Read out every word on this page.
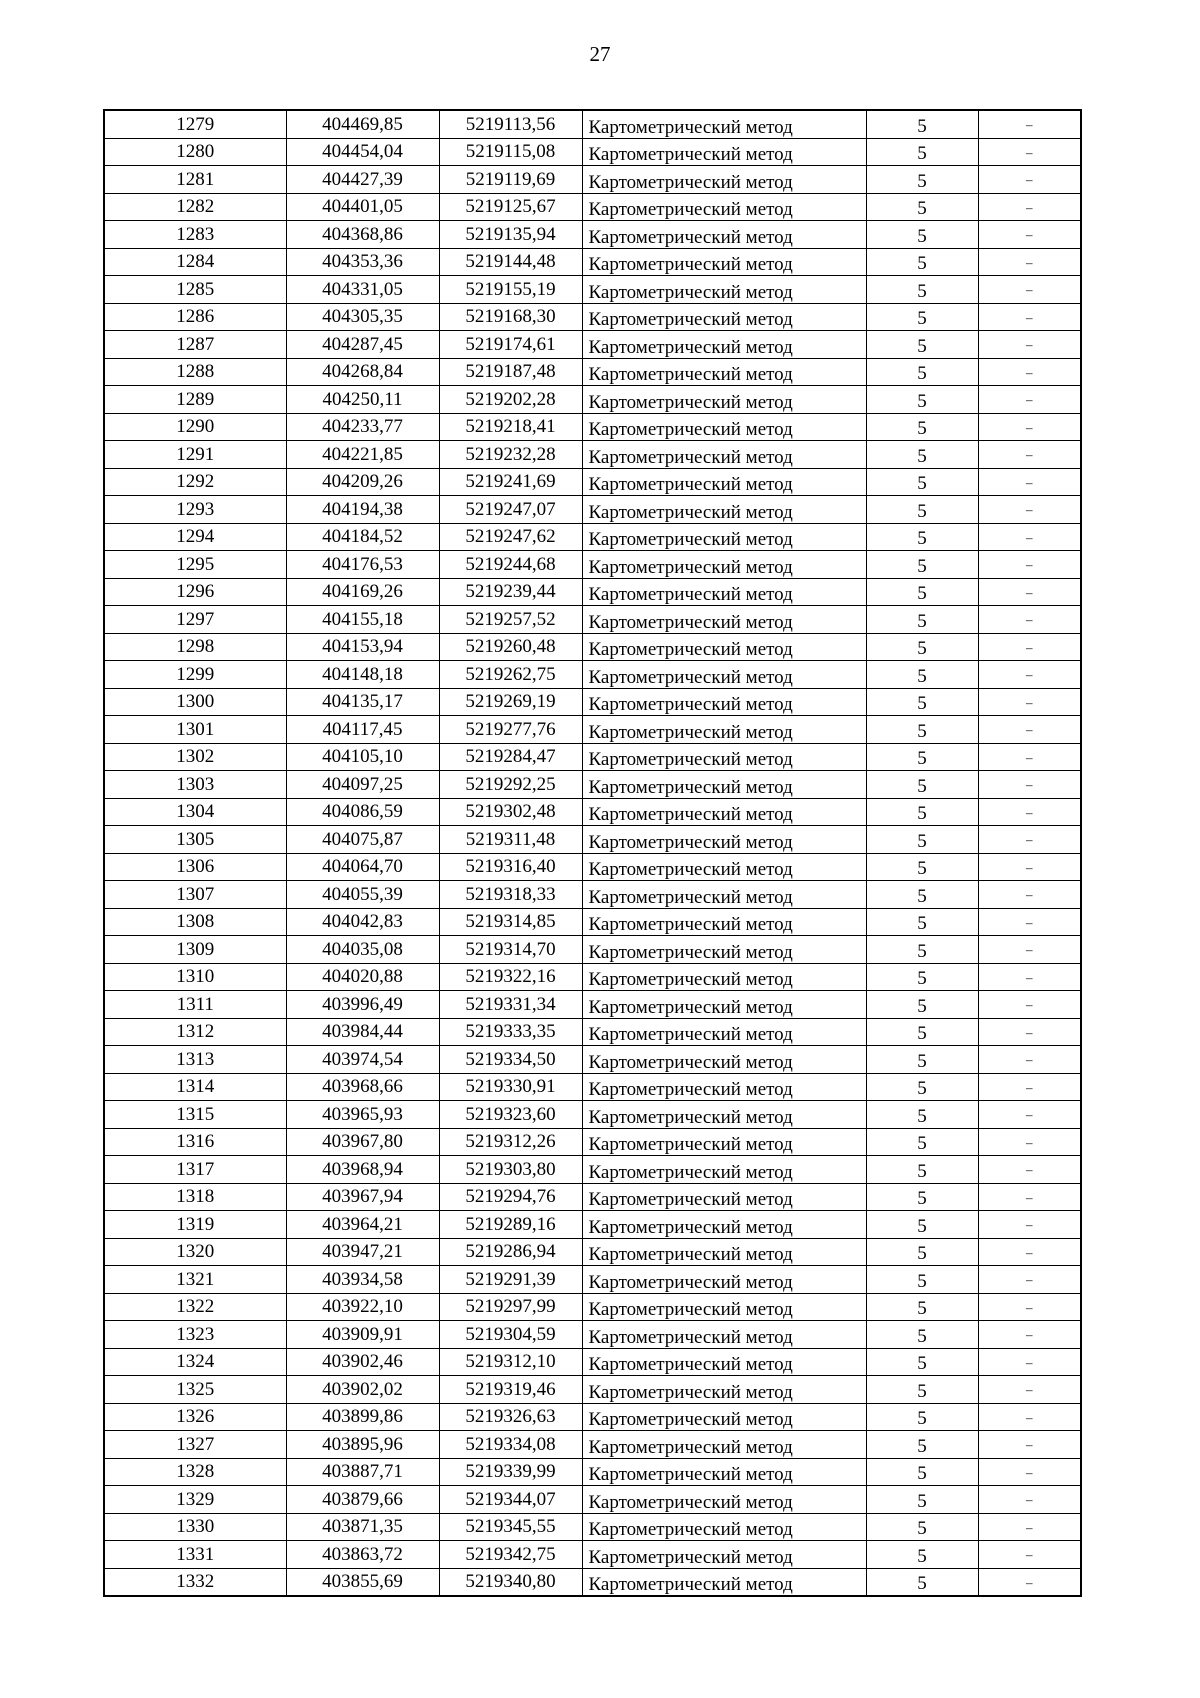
27
1279	404469,85	5219113,56	Картометрический метод	5	–
1280	404454,04	5219115,08	Картометрический метод	5	–
1281	404427,39	5219119,69	Картометрический метод	5	–
1282	404401,05	5219125,67	Картометрический метод	5	–
1283	404368,86	5219135,94	Картометрический метод	5	–
1284	404353,36	5219144,48	Картометрический метод	5	–
1285	404331,05	5219155,19	Картометрический метод	5	–
1286	404305,35	5219168,30	Картометрический метод	5	–
1287	404287,45	5219174,61	Картометрический метод	5	–
1288	404268,84	5219187,48	Картометрический метод	5	–
1289	404250,11	5219202,28	Картометрический метод	5	–
1290	404233,77	5219218,41	Картометрический метод	5	–
1291	404221,85	5219232,28	Картометрический метод	5	–
1292	404209,26	5219241,69	Картометрический метод	5	–
1293	404194,38	5219247,07	Картометрический метод	5	–
1294	404184,52	5219247,62	Картометрический метод	5	–
1295	404176,53	5219244,68	Картометрический метод	5	–
1296	404169,26	5219239,44	Картометрический метод	5	–
1297	404155,18	5219257,52	Картометрический метод	5	–
1298	404153,94	5219260,48	Картометрический метод	5	–
1299	404148,18	5219262,75	Картометрический метод	5	–
1300	404135,17	5219269,19	Картометрический метод	5	–
1301	404117,45	5219277,76	Картометрический метод	5	–
1302	404105,10	5219284,47	Картометрический метод	5	–
1303	404097,25	5219292,25	Картометрический метод	5	–
1304	404086,59	5219302,48	Картометрический метод	5	–
1305	404075,87	5219311,48	Картометрический метод	5	–
1306	404064,70	5219316,40	Картометрический метод	5	–
1307	404055,39	5219318,33	Картометрический метод	5	–
1308	404042,83	5219314,85	Картометрический метод	5	–
1309	404035,08	5219314,70	Картометрический метод	5	–
1310	404020,88	5219322,16	Картометрический метод	5	–
1311	403996,49	5219331,34	Картометрический метод	5	–
1312	403984,44	5219333,35	Картометрический метод	5	–
1313	403974,54	5219334,50	Картометрический метод	5	–
1314	403968,66	5219330,91	Картометрический метод	5	–
1315	403965,93	5219323,60	Картометрический метод	5	–
1316	403967,80	5219312,26	Картометрический метод	5	–
1317	403968,94	5219303,80	Картометрический метод	5	–
1318	403967,94	5219294,76	Картометрический метод	5	–
1319	403964,21	5219289,16	Картометрический метод	5	–
1320	403947,21	5219286,94	Картометрический метод	5	–
1321	403934,58	5219291,39	Картометрический метод	5	–
1322	403922,10	5219297,99	Картометрический метод	5	–
1323	403909,91	5219304,59	Картометрический метод	5	–
1324	403902,46	5219312,10	Картометрический метод	5	–
1325	403902,02	5219319,46	Картометрический метод	5	–
1326	403899,86	5219326,63	Картометрический метод	5	–
1327	403895,96	5219334,08	Картометрический метод	5	–
1328	403887,71	5219339,99	Картометрический метод	5	–
1329	403879,66	5219344,07	Картометрический метод	5	–
1330	403871,35	5219345,55	Картометрический метод	5	–
1331	403863,72	5219342,75	Картометрический метод	5	–
1332	403855,69	5219340,80	Картометрический метод	5	–
